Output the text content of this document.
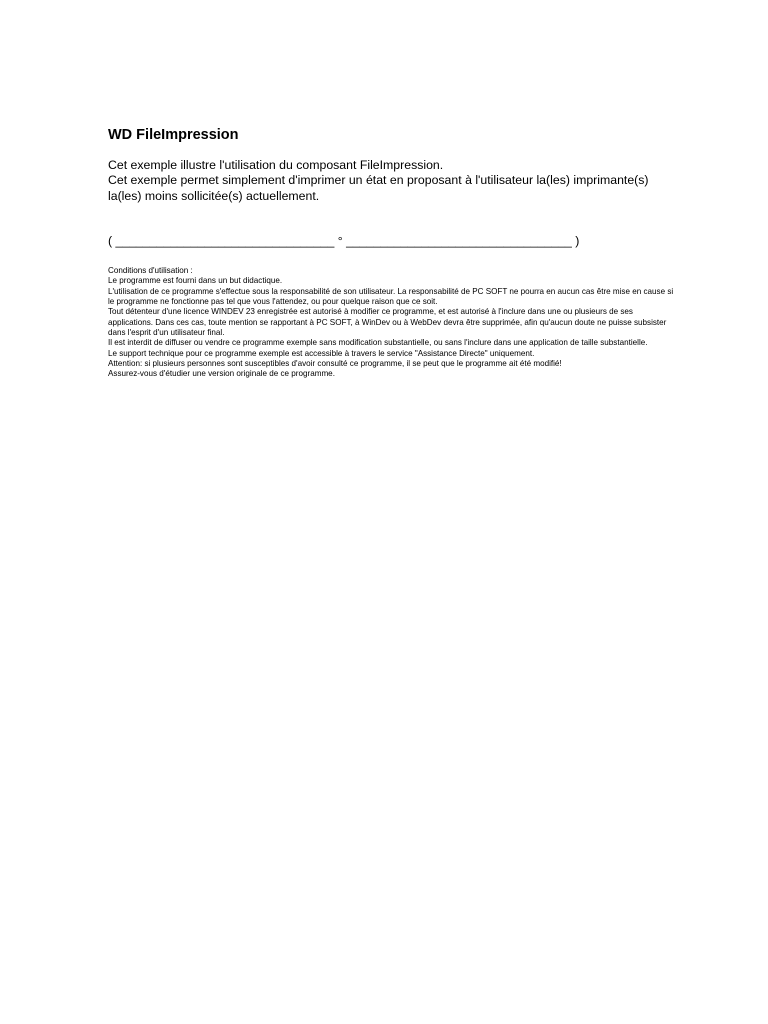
WD FileImpression
Cet exemple illustre l'utilisation du composant FileImpression.
Cet exemple permet simplement d'imprimer un état en proposant à l'utilisateur la(les) imprimante(s) la(les) moins sollicitée(s) actuellement.
( ________________________________ ° _________________________________ )
Conditions d'utilisation :
Le programme est fourni dans un but didactique.
L'utilisation de ce programme s'effectue sous la responsabilité de son utilisateur. La responsabilité de PC SOFT ne pourra en aucun cas être mise en cause si le programme ne fonctionne pas tel que vous l'attendez, ou pour quelque raison que ce soit.
Tout détenteur d'une licence WINDEV 23 enregistrée est autorisé à modifier ce programme, et est autorisé à l'inclure dans une ou plusieurs de ses applications. Dans ces cas, toute mention se rapportant à PC SOFT, à WinDev ou à WebDev devra être supprimée, afin qu'aucun doute ne puisse subsister dans l'esprit d'un utilisateur final.
Il est interdit de diffuser ou vendre ce programme exemple sans modification substantielle, ou sans l'inclure dans une application de taille substantielle.
Le support technique pour ce programme exemple est accessible à travers le service "Assistance Directe" uniquement.
Attention: si plusieurs personnes sont susceptibles d'avoir consulté ce programme, il se peut que le programme ait été modifié!
Assurez-vous d'étudier une version originale de ce programme.
